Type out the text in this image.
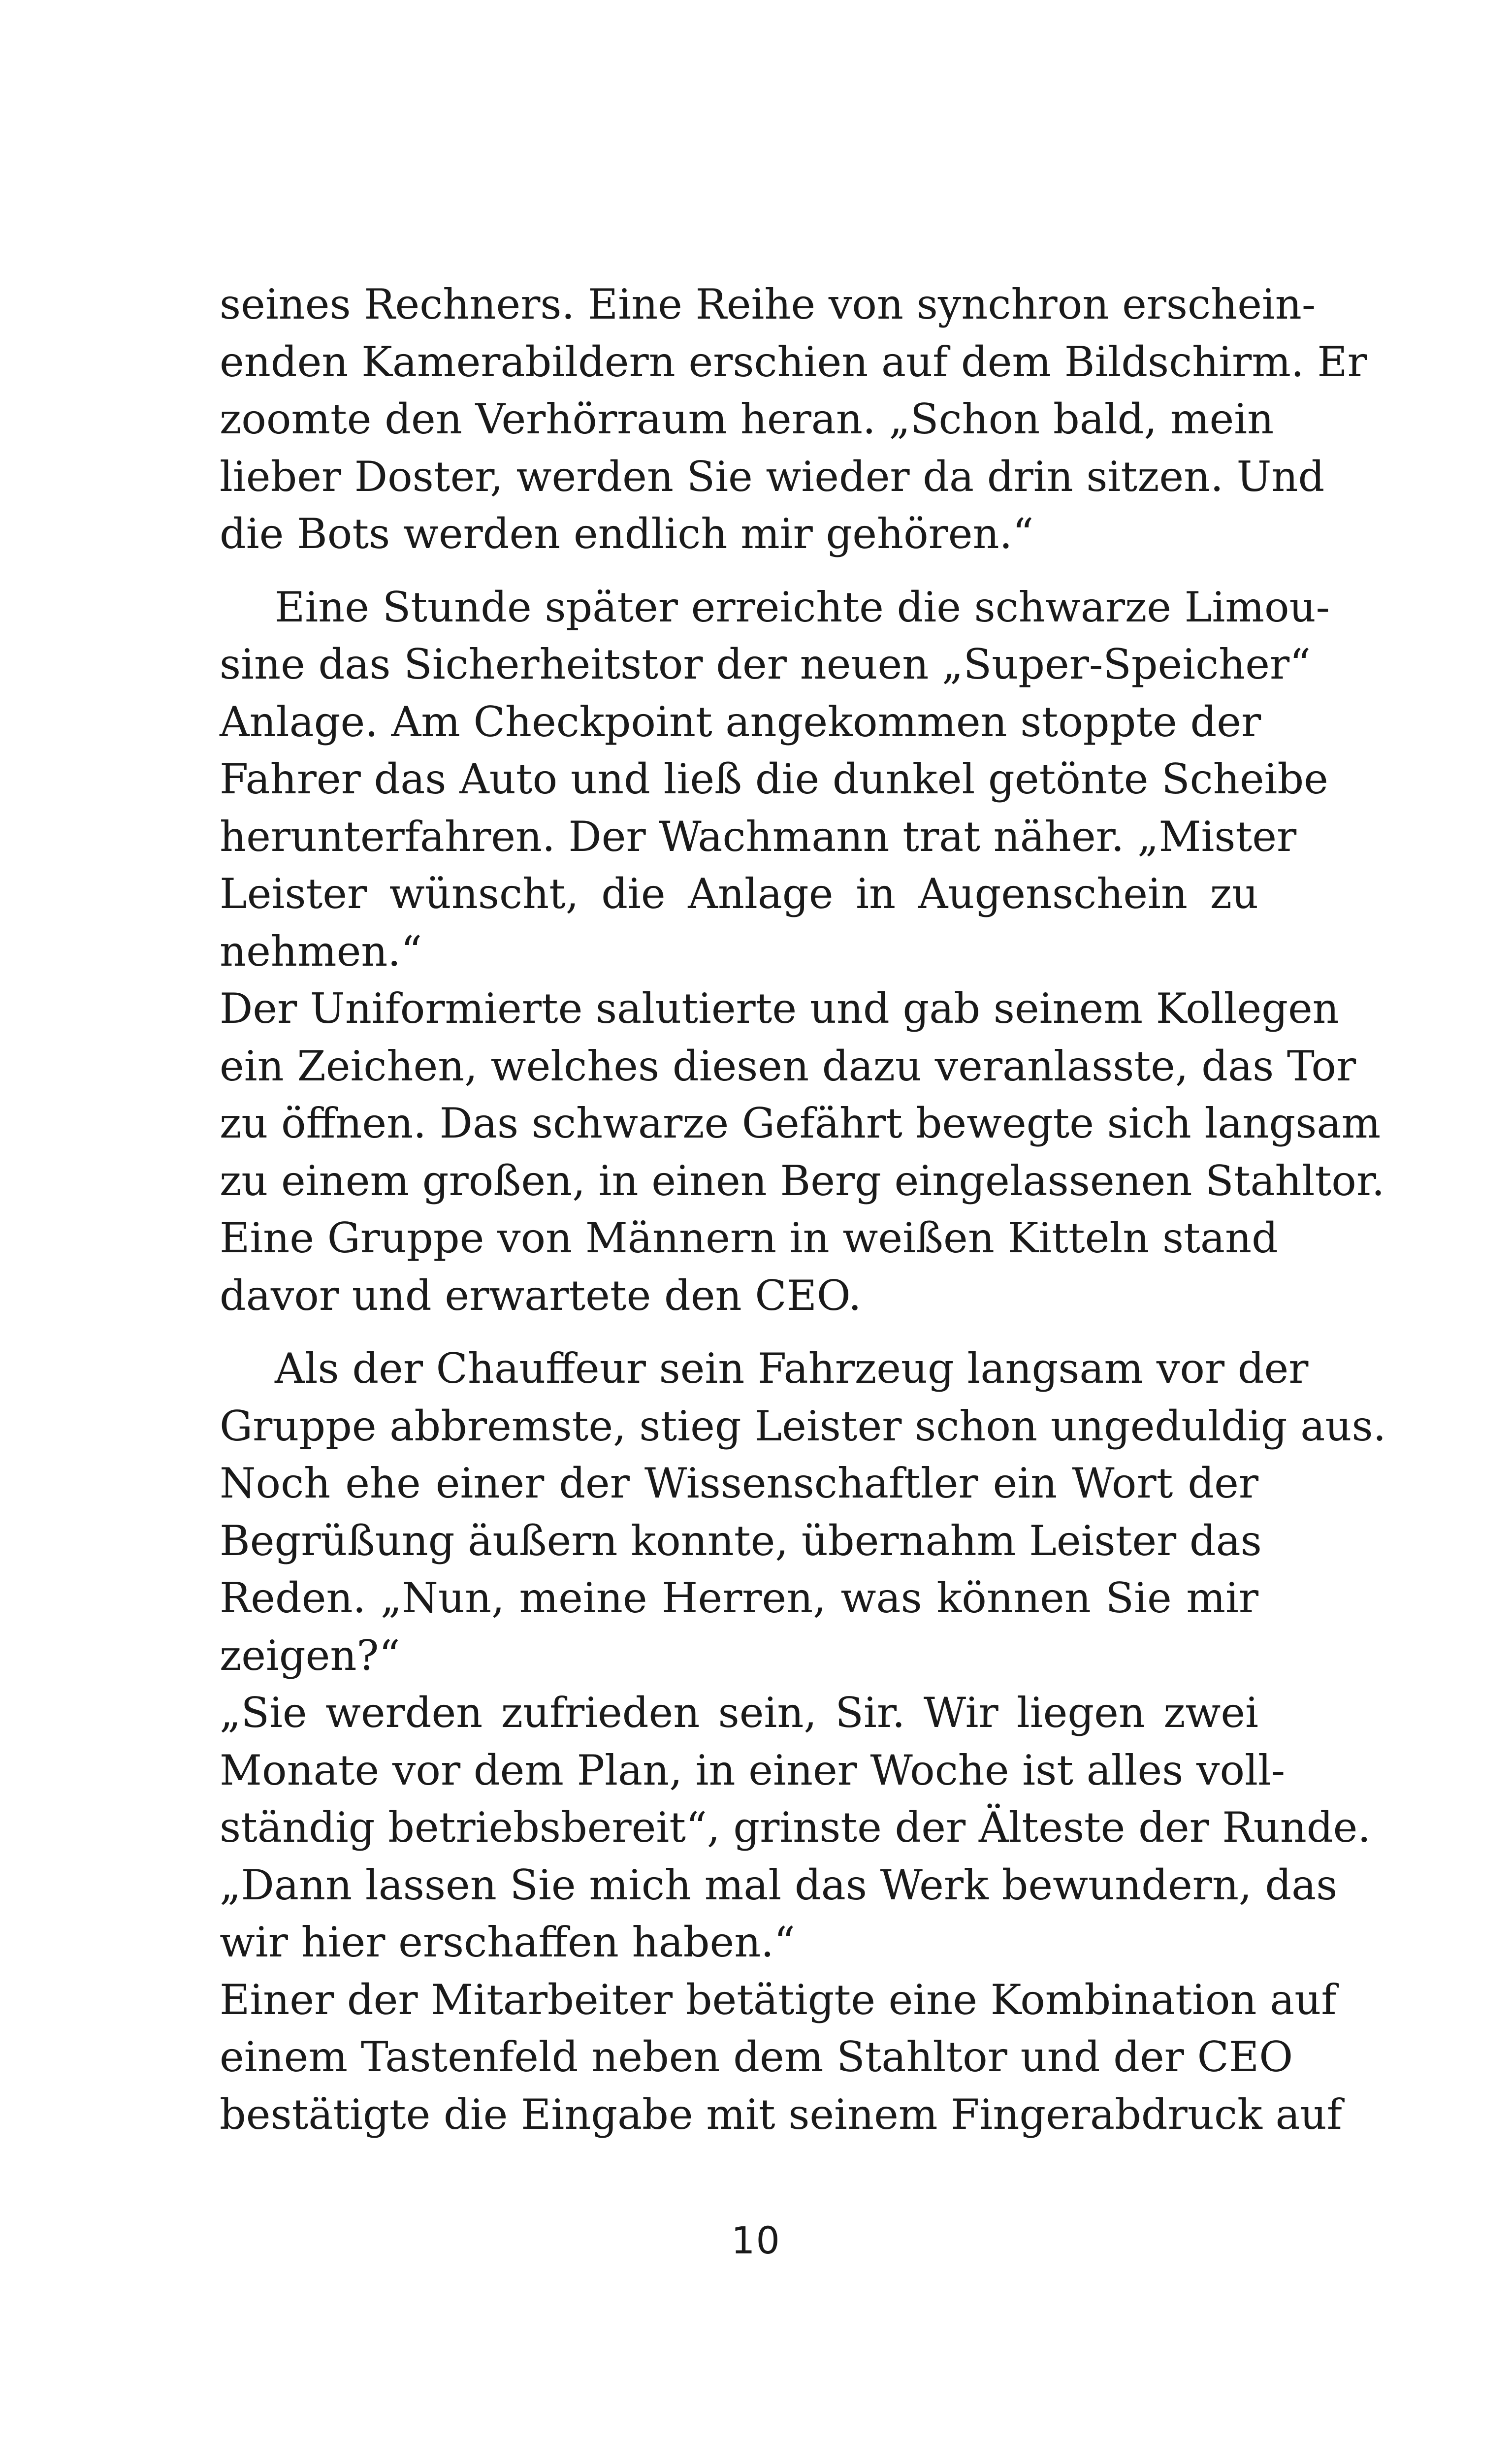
seines Rechners. Eine Reihe von synchron erschein-
enden Kamerabildern erschien auf dem Bildschirm. Er
zoomte den Verhörraum heran. „Schon bald, mein
lieber Doster, werden Sie wieder da drin sitzen. Und
die Bots werden endlich mir gehören.“
Eine Stunde später erreichte die schwarze Limou-
sine das Sicherheitstor der neuen „Super-Speicher“
Anlage. Am Checkpoint angekommen stoppte der
Fahrer das Auto und ließ die dunkel getönte Scheibe
herunterfahren. Der Wachmann trat näher. „Mister
Leister wünscht, die Anlage in Augenschein zu
nehmen.“
Der Uniformierte salutierte und gab seinem Kollegen
ein Zeichen, welches diesen dazu veranlasste, das Tor
zu öffnen. Das schwarze Gefährt bewegte sich langsam
zu einem großen, in einen Berg eingelassenen Stahltor.
Eine Gruppe von Männern in weißen Kitteln stand
davor und erwartete den CEO.
Als der Chauffeur sein Fahrzeug langsam vor der
Gruppe abbremste, stieg Leister schon ungeduldig aus.
Noch ehe einer der Wissenschaftler ein Wort der
Begrüßung äußern konnte, übernahm Leister das
Reden. „Nun, meine Herren, was können Sie mir
zeigen?“
„Sie werden zufrieden sein, Sir. Wir liegen zwei
Monate vor dem Plan, in einer Woche ist alles voll-
ständig betriebsbereit“, grinste der Älteste der Runde.
„Dann lassen Sie mich mal das Werk bewundern, das
wir hier erschaffen haben.“
Einer der Mitarbeiter betätigte eine Kombination auf
einem Tastenfeld neben dem Stahltor und der CEO
bestätigte die Eingabe mit seinem Fingerabdruck auf
10
